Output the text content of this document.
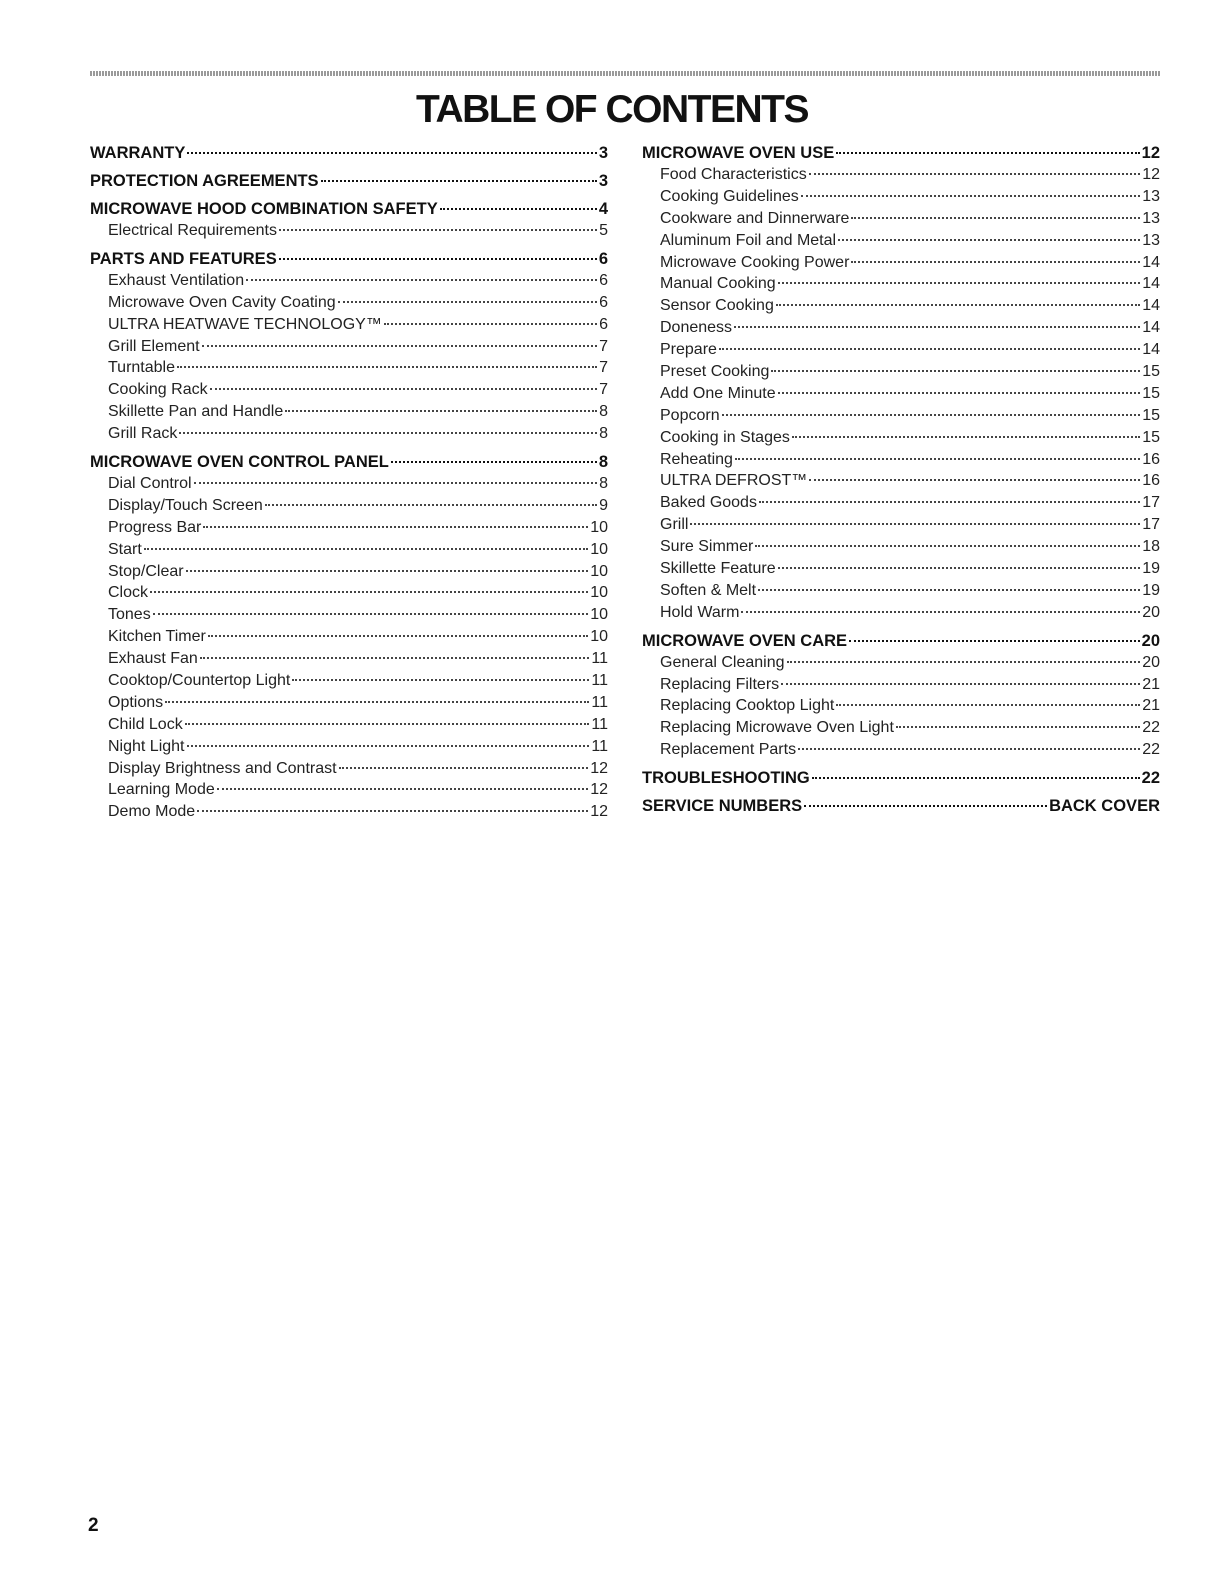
TABLE OF CONTENTS
WARRANTY	3
PROTECTION AGREEMENTS	3
MICROWAVE HOOD COMBINATION SAFETY	4
Electrical Requirements	5
PARTS AND FEATURES	6
Exhaust Ventilation	6
Microwave Oven Cavity Coating	6
ULTRA HEATWAVE TECHNOLOGY™	6
Grill Element	7
Turntable	7
Cooking Rack	7
Skillette Pan and Handle	8
Grill Rack	8
MICROWAVE OVEN CONTROL PANEL	8
Dial Control	8
Display/Touch Screen	9
Progress Bar	10
Start	10
Stop/Clear	10
Clock	10
Tones	10
Kitchen Timer	10
Exhaust Fan	11
Cooktop/Countertop Light	11
Options	11
Child Lock	11
Night Light	11
Display Brightness and Contrast	12
Learning Mode	12
Demo Mode	12
MICROWAVE OVEN USE	12
Food Characteristics	12
Cooking Guidelines	13
Cookware and Dinnerware	13
Aluminum Foil and Metal	13
Microwave Cooking Power	14
Manual Cooking	14
Sensor Cooking	14
Doneness	14
Prepare	14
Preset Cooking	15
Add One Minute	15
Popcorn	15
Cooking in Stages	15
Reheating	16
ULTRA DEFROST™	16
Baked Goods	17
Grill	17
Sure Simmer	18
Skillette Feature	19
Soften & Melt	19
Hold Warm	20
MICROWAVE OVEN CARE	20
General Cleaning	20
Replacing Filters	21
Replacing Cooktop Light	21
Replacing Microwave Oven Light	22
Replacement Parts	22
TROUBLESHOOTING	22
SERVICE NUMBERS	BACK COVER

2
